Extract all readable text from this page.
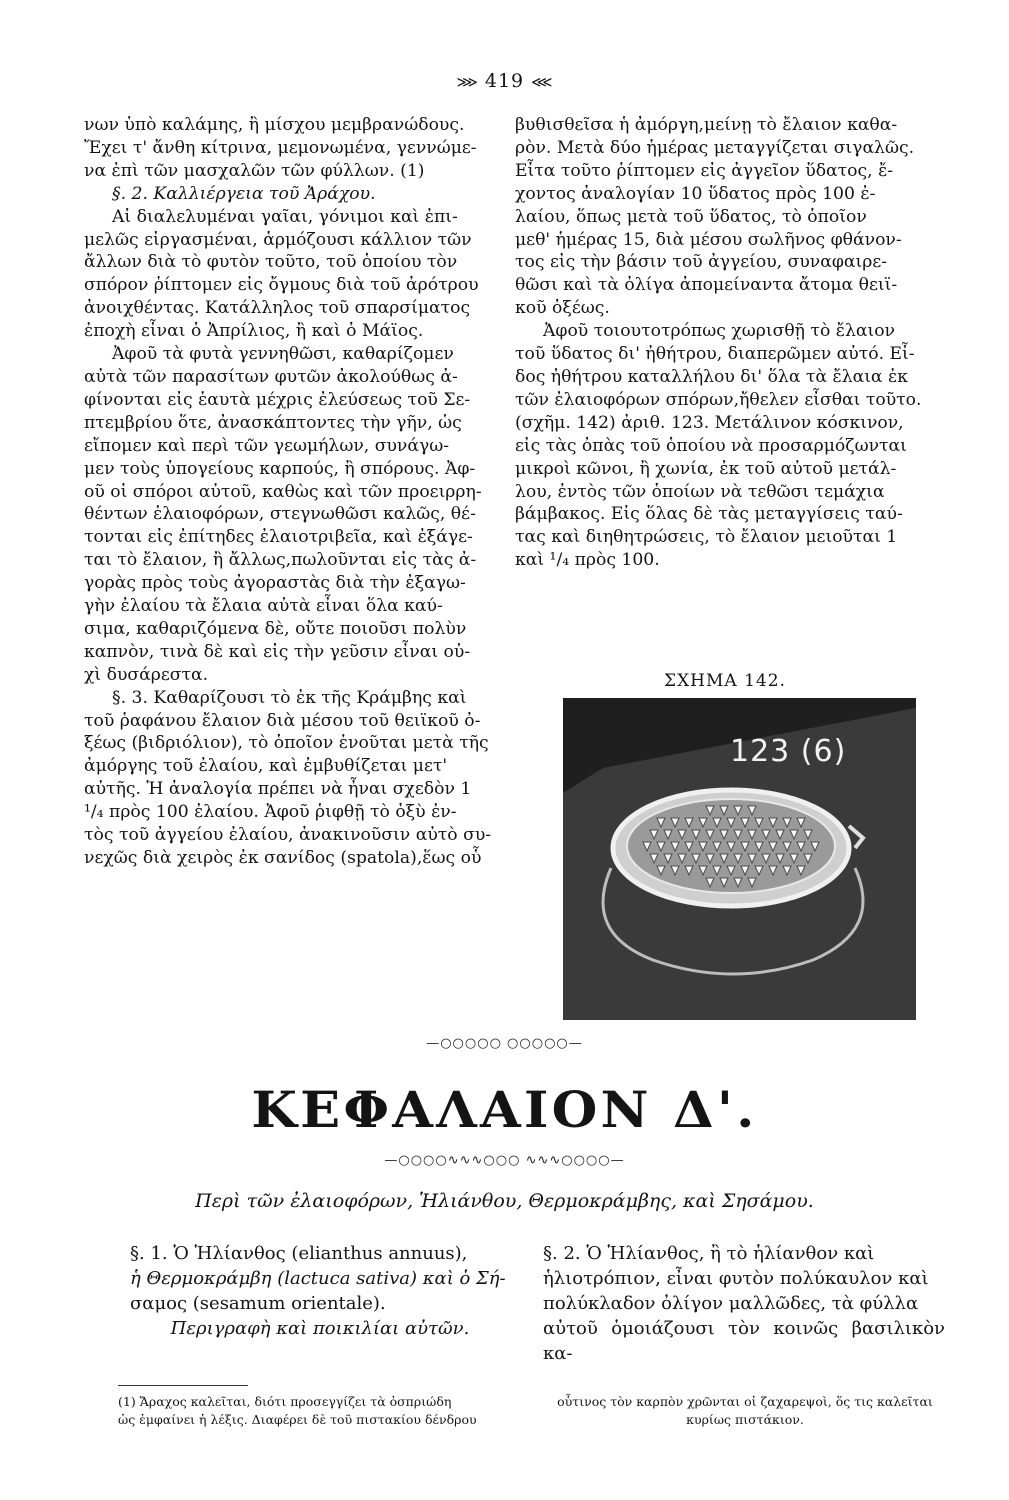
⋙ 419 ⋘

νων ὑπὸ καλάμης, ἢ μίσχου μεμβρανώδους.

Ἔχει τ' ἄνθη κίτρινα, μεμονωμένα, γεννώμε-

να ἐπὶ τῶν μασχαλῶν τῶν φύλλων. (1)

§. 2. Καλλιέργεια τοῦ Ἀράχου.

Αἱ διαλελυμέναι γαῖαι, γόνιμοι καὶ ἐπι-

μελῶς εἰργασμέναι, ἁρμόζουσι κάλλιον τῶν

ἄλλων διὰ τὸ φυτὸν τοῦτο, τοῦ ὁποίου τὸν

σπόρον ῥίπτομεν εἰς ὄγμους διὰ τοῦ ἀρότρου

ἀνοιχθέντας. Κατάλληλος τοῦ σπαρσίματος

ἐποχὴ εἶναι ὁ Ἀπρίλιος, ἢ καὶ ὁ Μάϊος.

Ἀφοῦ τὰ φυτὰ γεννηθῶσι, καθαρίζομεν

αὐτὰ τῶν παρασίτων φυτῶν ἀκολούθως ἀ-

φίνονται εἰς ἑαυτὰ μέχρις ἐλεύσεως τοῦ Σε-

πτεμβρίου ὅτε, ἀνασκάπτοντες τὴν γῆν, ὡς

εἴπομεν καὶ περὶ τῶν γεωμήλων, συνάγω-

μεν τοὺς ὑπογείους καρπούς, ἢ σπόρους. Ἀφ-

οῦ οἱ σπόροι αὐτοῦ, καθὼς καὶ τῶν προειρρη-

θέντων ἐλαιοφόρων, στεγνωθῶσι καλῶς, θέ-

τονται εἰς ἐπίτηδες ἐλαιοτριβεῖα, καὶ ἐξάγε-

ται τὸ ἔλαιον, ἢ ἄλλως,πωλοῦνται εἰς τὰς ἀ-

γορὰς πρὸς τοὺς ἀγοραστὰς διὰ τὴν ἐξαγω-

γὴν ἐλαίου τὰ ἔλαια αὐτὰ εἶναι ὅλα καύ-

σιμα, καθαριζόμενα δὲ, οὔτε ποιοῦσι πολὺν

καπνὸν, τινὰ δὲ καὶ εἰς τὴν γεῦσιν εἶναι οὐ-

χὶ δυσάρεστα.

§. 3. Καθαρίζουσι τὸ ἐκ τῆς Κράμβης καὶ

τοῦ ῥαφάνου ἔλαιον διὰ μέσου τοῦ θειϊκοῦ ὀ-

ξέως (βιδριόλιον), τὸ ὁποῖον ἑνοῦται μετὰ τῆς

ἀμόργης τοῦ ἐλαίου, καὶ ἐμβυθίζεται μετ'

αὐτῆς. Ἡ ἀναλογία πρέπει νὰ ἦναι σχεδὸν 1

¹/₄ πρὸς 100 ἐλαίου. Ἀφοῦ ῥιφθῇ τὸ ὀξὺ ἐν-

τὸς τοῦ ἀγγείου ἐλαίου, ἀνακινοῦσιν αὐτὸ συ-

νεχῶς διὰ χειρὸς ἐκ σανίδος (spatola),ἕως οὗ

βυθισθεῖσα ἡ ἀμόργη,μείνῃ τὸ ἔλαιον καθα-

ρὸν. Μετὰ δύο ἡμέρας μεταγγίζεται σιγαλῶς.

Εἶτα τοῦτο ῥίπτομεν εἰς ἀγγεῖον ὕδατος, ἔ-

χοντος ἀναλογίαν 10 ὕδατος πρὸς 100 ἐ-

λαίου, ὅπως μετὰ τοῦ ὕδατος, τὸ ὁποῖον

μεθ' ἡμέρας 15, διὰ μέσου σωλῆνος φθάνον-

τος εἰς τὴν βάσιν τοῦ ἀγγείου, συναφαιρε-

θῶσι καὶ τὰ ὀλίγα ἀπομείναντα ἄτομα θειϊ-

κοῦ ὀξέως.

Ἀφοῦ τοιουτοτρόπως χωρισθῇ τὸ ἔλαιον

τοῦ ὕδατος δι' ἠθήτρου, διαπερῶμεν αὐτό. Εἶ-

δος ἠθήτρου καταλλήλου δι' ὅλα τὰ ἔλαια ἐκ

τῶν ἐλαιοφόρων σπόρων,ἤθελεν εἶσθαι τοῦτο.

(σχῆμ. 142) ἀριθ. 123. Μετάλινον κόσκινον,

εἰς τὰς ὀπὰς τοῦ ὁποίου νὰ προσαρμόζωνται

μικροὶ κῶνοι, ἢ χωνία, ἐκ τοῦ αὐτοῦ μετάλ-

λου, ἐντὸς τῶν ὁποίων νὰ τεθῶσι τεμάχια

βάμβακος. Εἰς ὅλας δὲ τὰς μεταγγίσεις ταύ-

τας καὶ διηθητρώσεις, τὸ ἔλαιον μειοῦται 1

καὶ ¹/₄ πρὸς 100.

ΣΧΗΜΑ 142.
123 (6)
—○○○○○ ○○○○○—
ΚΕΦΑΛΑΙΟΝ Δ'.
—○○○○∿∿∿○○○ ∿∿∿○○○○—
Περὶ τῶν ἐλαιοφόρων, Ἡλιάνθου, Θερμοκράμβης, καὶ Σησάμου.

§. 1. Ὁ Ἡλίανθος (elianthus annuus),

ἡ Θερμοκράμβη (lactuca sativa) καὶ ὁ Σή-

σαμος (sesamum orientale).

Περιγραφὴ καὶ ποικιλίαι αὐτῶν.

§. 2. Ὁ Ἡλίανθος, ἢ τὸ ἡλίανθον καὶ

ἡλιοτρόπιον, εἶναι φυτὸν πολύκαυλον καὶ

πολύκλαδον ὀλίγον μαλλῶδες, τὰ φύλλα

αὐτοῦ ὁμοιάζουσι τὸν κοινῶς βασιλικὸν κα-

(1) Ἄραχος καλεῖται, διότι προσεγγίζει τὰ ὀσπριώδη
ὡς ἐμφαίνει ἡ λέξις. Διαφέρει δὲ τοῦ πιστακίου δένδρου
οὗτινος τὸν καρπὸν χρῶνται οἱ ζαχαρεψοὶ, ὅς τις καλεῖται
κυρίως πιστάκιον.
